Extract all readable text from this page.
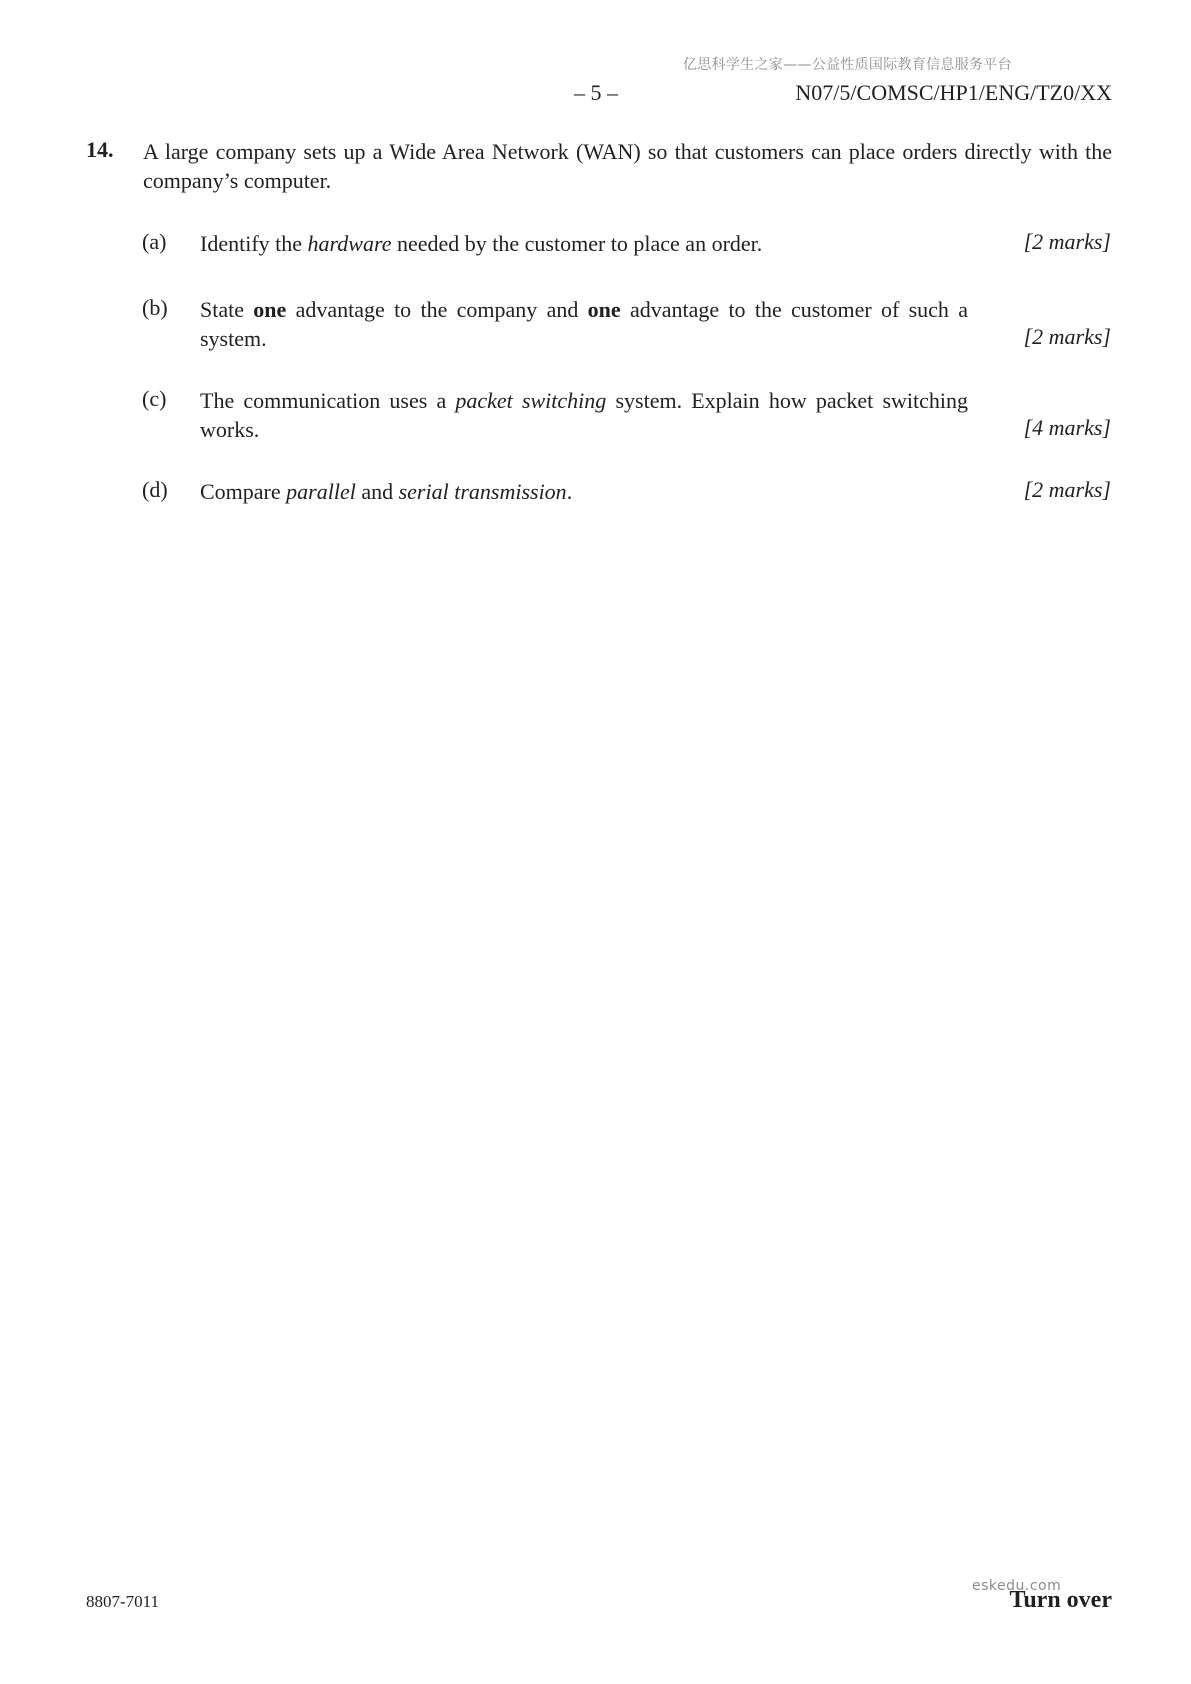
亿思科学生之家——公益性质国际教育信息服务平台
– 5 –	N07/5/COMSC/HP1/ENG/TZ0/XX
14. A large company sets up a Wide Area Network (WAN) so that customers can place orders directly with the company’s computer.
(a) Identify the hardware needed by the customer to place an order.	[2 marks]
(b) State one advantage to the company and one advantage to the customer of such a system.	[2 marks]
(c) The communication uses a packet switching system. Explain how packet switching works.	[4 marks]
(d) Compare parallel and serial transmission.	[2 marks]
8807-7011	Turn over
eskedu.com
